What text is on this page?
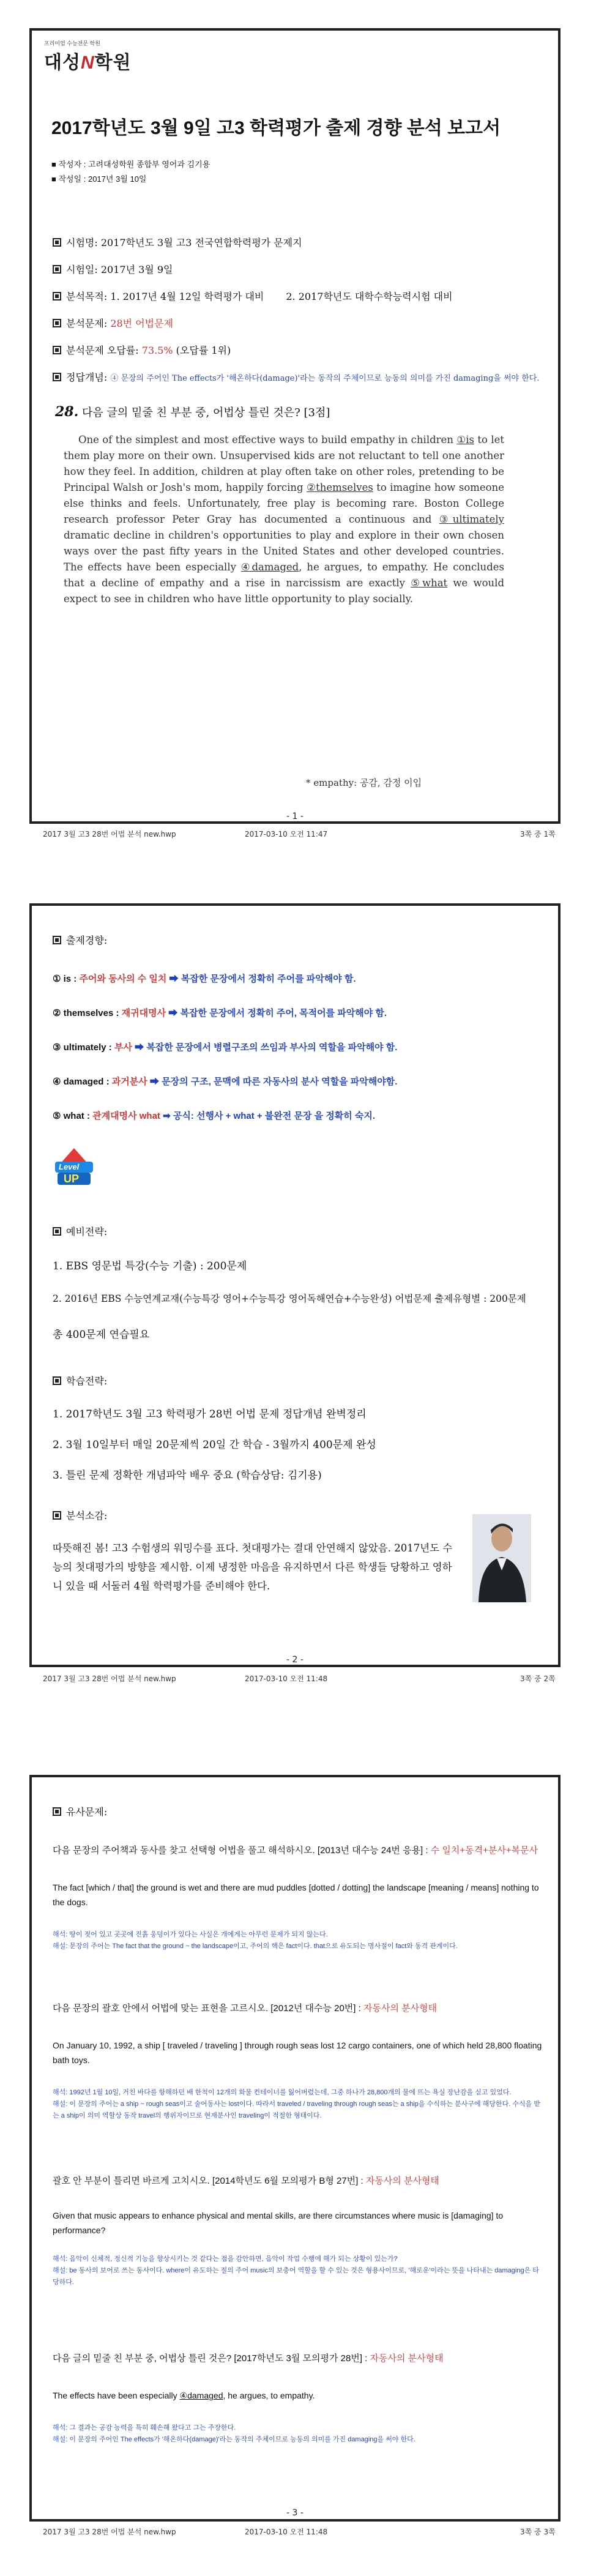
프리미엄 수능전문 학원
대성N학원
2017학년도 3월 9일 고3 학력평가 출제 경향 분석 보고서
■ 작성자 : 고려대성학원 종합부 영어과 김기용
■ 작성일 : 2017년 3월 10일
시험명: 2017학년도 3월 고3 전국연합학력평가 문제지
시험일: 2017년 3월 9일
분석목적: 1. 2017년 4월 12일 학력평가 대비 2. 2017학년도 대학수학능력시험 대비
분석문제: 28번 어법문제
분석문제 오답률: 73.5% (오답률 1위)
정답개념: ④ 문장의 주어인 The effects가 '해온하다(damage)'라는 동작의 주체이므로 능동의 의미를 가진 damaging을 써야 한다.
28. 다음 글의 밑줄 친 부분 중, 어법상 틀린 것은? [3점]
One of the simplest and most effective ways to build empathy in children ①is to let them play more on their own. Unsupervised kids are not reluctant to tell one another how they feel. In addition, children at play often take on other roles, pretending to be Principal Walsh or Josh's mom, happily forcing ②themselves to imagine how someone else thinks and feels. Unfortunately, free play is becoming rare. Boston College research professor Peter Gray has documented a continuous and ③ultimately dramatic decline in children's opportunities to play and explore in their own chosen ways over the past fifty years in the United States and other developed countries. The effects have been especially ④damaged, he argues, to empathy. He concludes that a decline of empathy and a rise in narcissism are exactly ⑤what we would expect to see in children who have little opportunity to play socially.
* empathy: 공감, 감정 이입
- 1 -
2017 3월 고3 28번 어법 분석 new.hwp	2017-03-10 오전 11:47	3쪽 중 1쪽
출제경향:
① is : 주어와 동사의 수 일치 ➡ 복잡한 문장에서 정확히 주어를 파악해야 함.
② themselves : 재귀대명사 ➡ 복잡한 문장에서 정확히 주어, 목적어를 파악해야 함.
③ ultimately : 부사 ➡ 복잡한 문장에서 병렬구조의 쓰임과 부사의 역할을 파악해야 함.
④ damaged : 과거분사 ➡ 문장의 구조, 문맥에 따른 자동사의 분사 역할을 파악해야함.
⑤ what : 관계대명사 what ➡ 공식: 선행사 + what + 불완전 문장 을 정확히 숙지.
Level
UP
예비전략:
1. EBS 영문법 특강(수능 기출) : 200문제
2. 2016년 EBS 수능연계교재(수능특강 영어+수능특강 영어독해연습+수능완성) 어법문제 출제유형별 : 200문제
총 400문제 연습필요
학습전략:
1. 2017학년도 3월 고3 학력평가 28번 어법 문제 정답개념 완벽정리
2. 3월 10일부터 매일 20문제씩 20일 간 학습 - 3월까지 400문제 완성
3. 틀린 문제 정확한 개념파악 배우 중요 (학습상담: 김기용)
분석소감:
따뜻해진 봄! 고3 수험생의 워밍수를 표다. 첫대평가는 결대 안연해지 않았음. 2017년도 수능의 첫대평가의 방향을 제시함. 이제 냉정한 마음을 유지하면서 다른 학생들 당황하고 영하니 있을 때 서둘러 4월 학력평가를 준비해야 한다.
- 2 -
2017 3월 고3 28번 어법 분석 new.hwp	2017-03-10 오전 11:48	3쪽 중 2쪽
유사문제:
다음 문장의 주어책과 동사를 찾고 선택형 어법을 풀고 해석하시오. [2013년 대수능 24번 응용] : 수 일치+동격+분사+복문사
The fact [which / that] the ground is wet and there are mud puddles [dotted / dotting] the landscape [meaning / means] nothing to the dogs.
해석: 땅이 젖어 있고 곳곳에 진흙 웅덩이가 있다는 사실은 개에게는 아무런 문제가 되지 않는다.
해설: 문장의 주어는 The fact that the ground ~ the landscape이고, 주어의 핵은 fact이다. that으로 유도되는 명사절이 fact와 동격 관계이다.
다음 문장의 괄호 안에서 어법에 맞는 표현을 고르시오. [2012년 대수능 20번] : 자동사의 분사형태
On January 10, 1992, a ship [ traveled / traveling ] through rough seas lost 12 cargo containers, one of which held 28,800 floating bath toys.
해석: 1992년 1월 10일, 거친 바다를 항해하던 배 한척이 12개의 화물 컨테이너를 잃어버렸는데, 그중 하나가 28,800개의 물에 뜨는 욕실 장난감을 싣고 있었다.
해설: 이 문장의 주어는 a ship ~ rough seas이고 술어동사는 lost이다. 따라서 traveled / traveling through rough seas는 a ship을 수식하는 분사구에 해당한다. 수식을 받는 a ship이 의미 역할상 동작 travel의 행위자이므로 현재분사인 traveling이 적절한 형태이다.
괄호 안 부분이 틀리면 바르게 고치시오. [2014학년도 6월 모의평가 B형 27번] : 자동사의 분사형태
Given that music appears to enhance physical and mental skills, are there circumstances where music is [damaging] to performance?
해석: 음악이 신체적, 정신적 기능을 향상시키는 것 같다는 점을 감안하면, 음악이 작업 수행에 해가 되는 상황이 있는가?
해설: be 동사의 보어로 쓰는 동사이다. where이 유도하는 절의 주어 music의 보충어 역할을 할 수 있는 것은 형용사이므로, '해로운'이라는 뜻을 나타내는 damaging은 타당하다.
다음 글의 밑줄 친 부분 중, 어법상 틀린 것은? [2017학년도 3월 모의평가 28번] : 자동사의 분사형태
The effects have been especially ④damaged, he argues, to empathy.
해석: 그 결과는 공감 능력을 특히 훼손해 왔다고 그는 주장한다.
해설: 이 문장의 주어인 The effects가 '해온하다(damage)'라는 동작의 주체이므로 능동의 의미를 가진 damaging을 써야 한다.
- 3 -
2017 3월 고3 28번 어법 분석 new.hwp	2017-03-10 오전 11:48	3쪽 중 3쪽
